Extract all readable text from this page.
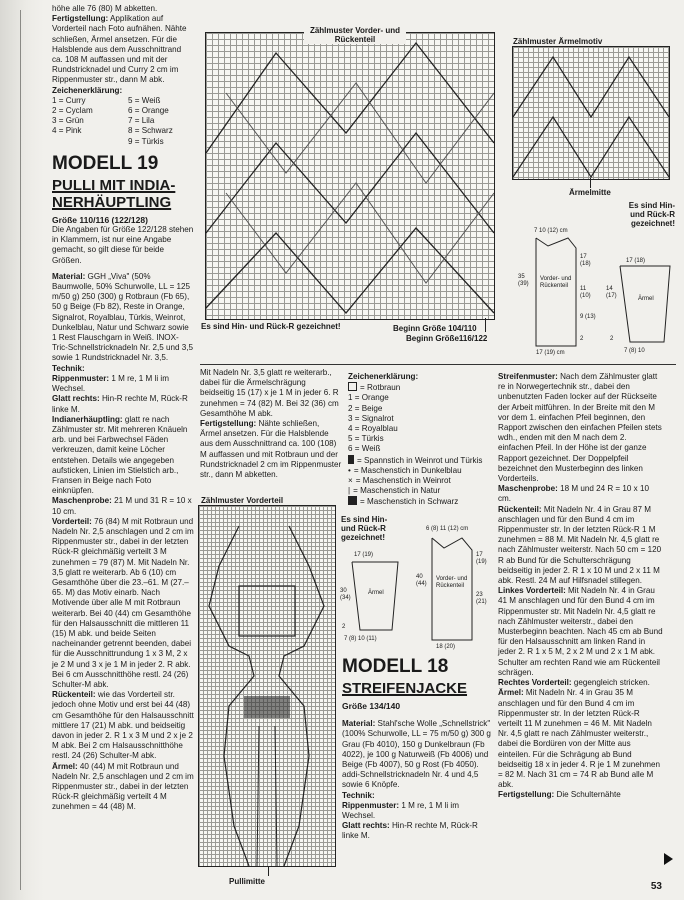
höhe alle 76 (80) M abketten.

Fertigstellung: Applikation auf Vorderteil nach Foto aufnähen. Nähte schließen, Ärmel ansetzen. Für die Halsblende aus dem Ausschnittrand ca. 108 M auffassen und mit der Rundstricknadel und Curry 2 cm im Rippenmuster str., dann M abk.

Zeichenerklärung:

1 = Curry
2 = Cyclam
3 = Grün
4 = Pink
5 = Weiß
6 = Orange
7 = Lila
8 = Schwarz
9 = Türkis
MODELL 19
PULLI MIT INDIA-
NERHÄUPTLING
Größe 110/116 (122/128)

Die Angaben für Größe 122/128 stehen in Klammern, ist nur eine Angabe gemacht, so gilt diese für beide Größen.

Material: GGH „Viva" (50% Baumwolle, 50% Schurwolle, LL = 125 m/50 g) 250 (300) g Rotbraun (Fb 65), 50 g Beige (Fb 82), Reste in Orange, Signalrot, Royalblau, Türkis, Weinrot, Dunkelblau, Natur und Schwarz sowie 1 Rest Flauschgarn in Weiß. INOX-Tric-Schnellstricknadeln Nr. 2,5 und 3,5 sowie 1 Rundstricknadel Nr. 3,5.

Technik:

Rippenmuster: 1 M re, 1 M li im Wechsel.

Glatt rechts: Hin-R rechte M, Rück-R linke M.

Indianerhäuptling: glatt re nach Zählmuster str. Mit mehreren Knäueln arb. und bei Farbwechsel Fäden verkreuzen, damit keine Löcher entstehen. Details wie angegeben aufsticken, Linien im Stielstich arb., Fransen in Beige nach Foto einknüpfen.

Maschenprobe: 21 M und 31 R = 10 x 10 cm.

Vorderteil: 76 (84) M mit Rotbraun und Nadeln Nr. 2,5 anschlagen und 2 cm im Rippenmuster str., dabei in der letzten Rück-R gleichmäßig verteilt 3 M zunehmen = 79 (87) M. Mit Nadeln Nr. 3,5 glatt re weiterarb. Ab 6 (10) cm Gesamthöhe über die 23.–61. M (27.–65. M) das Motiv einarb. Nach Motivende über alle M mit Rotbraun weiterarb. Bei 40 (44) cm Gesamthöhe für den Halsausschnitt die mittleren 11 (15) M abk. und beide Seiten nacheinander getrennt beenden, dabei für die Ausschnittrundung 1 x 3 M, 2 x je 2 M und 3 x je 1 M in jeder 2. R abk. Bei 6 cm Ausschnitthöhe restl. 24 (26) Schulter-M abk.

Rückenteil: wie das Vorderteil str. jedoch ohne Motiv und erst bei 44 (48) cm Gesamthöhe für den Halsausschnitt mittlere 17 (21) M abk. und beidseitig davon in jeder 2. R 1 x 3 M und 2 x je 2 M abk. Bei 2 cm Halsausschnitthöhe restl. 24 (26) Schulter-M abk.

Ärmel: 40 (44) M mit Rotbraun und Nadeln Nr. 2,5 anschlagen und 2 cm im Rippenmuster str., dabei in der letzten Rück-R gleichmäßig verteilt 4 M zunehmen = 44 (48) M.

Zählmuster Vorder- und Rückenteil
Es sind Hin- und Rück-R gezeichnet!	Beginn Größe 104/110
Beginn Größe116/122
Zählmuster Ärmelmotiv
Ärmelmitte
Es sind Hin- und Rück-R gezeichnet!
7 10 (12) cm
35 (39)
Vorder- und Rückenteil
17 (18)
11 (10)
9 (13)
2
17 (19) cm
17 (18)
14 (17)	Ärmel
7 (8) 10
2

Mit Nadeln Nr. 3,5 glatt re weiterarb., dabei für die Ärmelschrägung beidseitig 15 (17) x je 1 M in jeder 6. R zunehmen = 74 (82) M. Bei 32 (36) cm Gesamthöhe M abk.

Fertigstellung: Nähte schließen, Ärmel ansetzen. Für die Halsblende aus dem Ausschnittrand ca. 100 (108) M auffassen und mit Rotbraun und der Rundstricknadel 2 cm im Rippenmuster str., dann M abketten.

Zeichenerklärung:

= Rotbraun

1 = Orange

2 = Beige

3 = Signalrot

4 = Royalblau

5 = Türkis

6 = Weiß

= Spannstich in Weinrot und Türkis

• = Maschenstich in Dunkelblau

× = Maschenstich in Weinrot

| = Maschenstich in Natur

= Maschenstich in Schwarz

Zählmuster Vorderteil
Pullimitte
Es sind Hin- und Rück-R gezeichnet!
17 (19)
30 (34)
Ärmel
7 (8) 10 (11)
2
6 (8) 11 (12) cm
40 (44)
Vorder- und Rückenteil
17 (19)
23 (21)
18 (20)
MODELL 18
STREIFENJACKE
Größe 134/140

Material: Stahl'sche Wolle „Schnellstrick" (100% Schurwolle, LL = 75 m/50 g) 300 g Grau (Fb 4010), 150 g Dunkelbraun (Fb 4022), je 100 g Naturweiß (Fb 4006) und Beige (Fb 4007), 50 g Rost (Fb 4050). addi-Schnellstricknadeln Nr. 4 und 4,5 sowie 6 Knöpfe.

Technik:

Rippenmuster: 1 M re, 1 M li im Wechsel.

Glatt rechts: Hin-R rechte M, Rück-R linke M.

Streifenmuster: Nach dem Zählmuster glatt re in Norwegertechnik str., dabei den unbenutzten Faden locker auf der Rückseite der Arbeit mitführen. In der Breite mit den M vor dem 1. einfachen Pfeil beginnen, den Rapport zwischen den einfachen Pfeilen stets wdh., enden mit den M nach dem 2. einfachen Pfeil. In der Höhe ist der ganze Rapport gezeichnet. Der Doppelpfeil bezeichnet den Musterbeginn des linken Vorderteils.

Maschenprobe: 18 M und 24 R = 10 x 10 cm.

Rückenteil: Mit Nadeln Nr. 4 in Grau 87 M anschlagen und für den Bund 4 cm im Rippenmuster str. In der letzten Rück-R 1 M zunehmen = 88 M. Mit Nadeln Nr. 4,5 glatt re nach Zählmuster weiterstr. Nach 50 cm = 120 R ab Bund für die Schulterschrägung beidseitig in jeder 2. R 1 x 10 M und 2 x 11 M abk. Restl. 24 M auf Hilfsnadel stillegen.

Linkes Vorderteil: Mit Nadeln Nr. 4 in Grau 41 M anschlagen und für den Bund 4 cm im Rippenmuster str. Mit Nadeln Nr. 4,5 glatt re nach Zählmuster weiterstr., dabei den Musterbeginn beachten. Nach 45 cm ab Bund für den Halsausschnitt am linken Rand in jeder 2. R 1 x 5 M, 2 x 2 M und 2 x 1 M abk. Schulter am rechten Rand wie am Rückenteil schrägen.

Rechtes Vorderteil: gegengleich stricken.

Ärmel: Mit Nadeln Nr. 4 in Grau 35 M anschlagen und für den Bund 4 cm im Rippenmuster str. In der letzten Rück-R verteilt 11 M zunehmen = 46 M. Mit Nadeln Nr. 4,5 glatt re nach Zählmuster weiterstr., dabei die Bordüren von der Mitte aus einteilen. Für die Schrägung ab Bund beidseitig 18 x in jeder 4. R je 1 M zunehmen = 82 M. Nach 31 cm = 74 R ab Bund alle M abk.

Fertigstellung: Die Schulternähte

53
